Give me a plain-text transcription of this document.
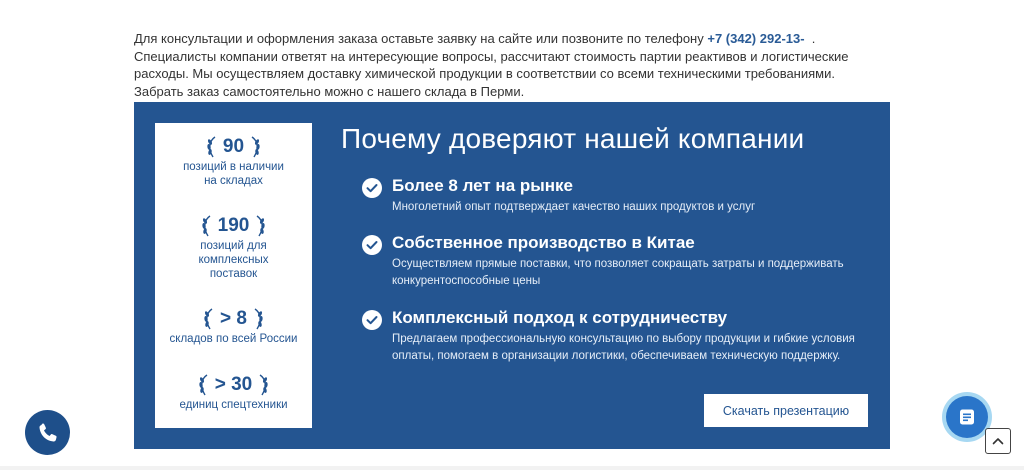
Для консультации и оформления заказа оставьте заявку на сайте или позвоните по телефону +7 (342) 292-13- . Специалисты компании ответят на интересующие вопросы, рассчитают стоимость партии реактивов и логистические расходы. Мы осуществляем доставку химической продукции в соответствии со всеми техническими требованиями. Забрать заказ самостоятельно можно с нашего склада в Перми.

90
позиций в наличии на складах
190
позиций для комплексных поставок
> 8
складов по всей России
> 30
единиц спецтехники
Почему доверяют нашей компании
Более 8 лет на рынке
Многолетний опыт подтверждает качество наших продуктов и услуг
Собственное производство в Китае
Осуществляем прямые поставки, что позволяет сокращать затраты и поддерживать конкурентоспособные цены
Комплексный подход к сотрудничеству
Предлагаем профессиональную консультацию по выбору продукции и гибкие условия оплаты, помогаем в организации логистики, обеспечиваем техническую поддержку.
Скачать презентацию
